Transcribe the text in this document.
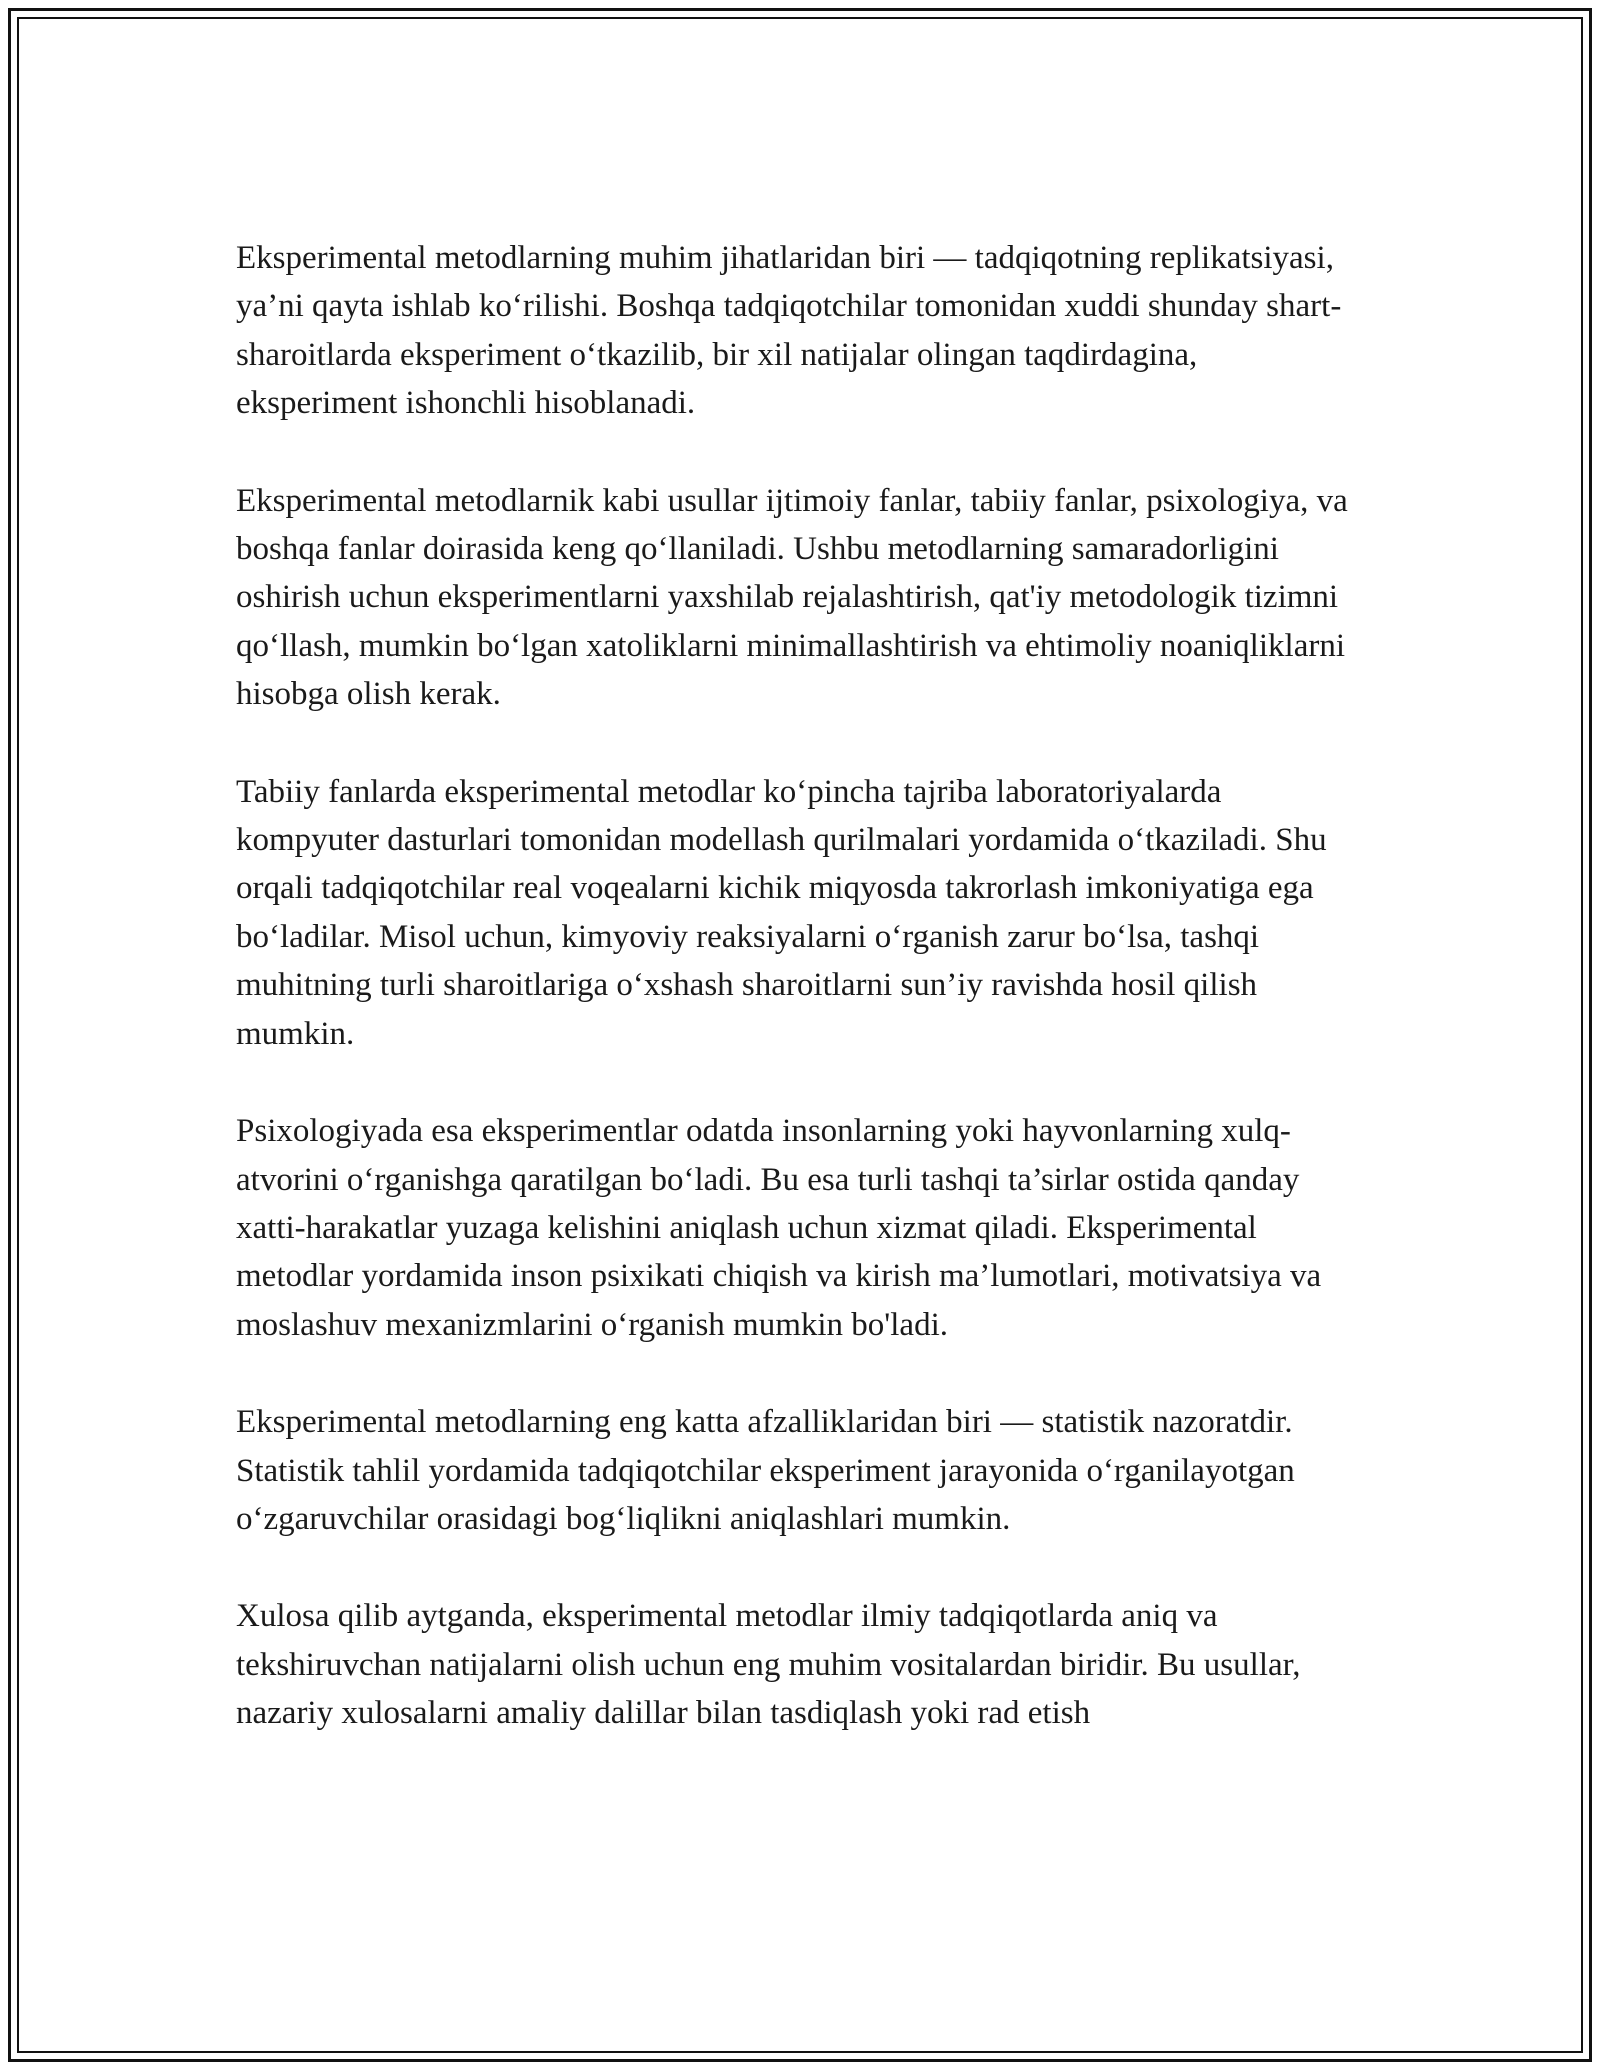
Eksperimental metodlarning muhim jihatlaridan biri — tadqiqotning replikatsiyasi, ya’ni qayta ishlab ko‘rilishi. Boshqa tadqiqotchilar tomonidan xuddi shunday shart-sharoitlarda eksperiment o‘tkazilib, bir xil natijalar olingan taqdirdagina, eksperiment ishonchli hisoblanadi.

Eksperimental metodlarnik kabi usullar ijtimoiy fanlar, tabiiy fanlar, psixologiya, va boshqa fanlar doirasida keng qo‘llaniladi. Ushbu metodlarning samaradorligini oshirish uchun eksperimentlarni yaxshilab rejalashtirish, qat'iy metodologik tizimni qo‘llash, mumkin bo‘lgan xatoliklarni minimallashtirish va ehtimoliy noaniqliklarni hisobga olish kerak.

Tabiiy fanlarda eksperimental metodlar ko‘pincha tajriba laboratoriyalarda kompyuter dasturlari tomonidan modellash qurilmalari yordamida o‘tkaziladi. Shu orqali tadqiqotchilar real voqealarni kichik miqyosda takrorlash imkoniyatiga ega bo‘ladilar. Misol uchun, kimyoviy reaksiyalarni o‘rganish zarur bo‘lsa, tashqi muhitning turli sharoitlariga o‘xshash sharoitlarni sun’iy ravishda hosil qilish mumkin.

Psixologiyada esa eksperimentlar odatda insonlarning yoki hayvonlarning xulq-atvorini o‘rganishga qaratilgan bo‘ladi. Bu esa turli tashqi ta’sirlar ostida qanday xatti-harakatlar yuzaga kelishini aniqlash uchun xizmat qiladi. Eksperimental metodlar yordamida inson psixikati chiqish va kirish ma’lumotlari, motivatsiya va moslashuv mexanizmlarini o‘rganish mumkin bo'ladi.

Eksperimental metodlarning eng katta afzalliklaridan biri — statistik nazoratdir. Statistik tahlil yordamida tadqiqotchilar eksperiment jarayonida o‘rganilayotgan o‘zgaruvchilar orasidagi bog‘liqlikni aniqlashlari mumkin.

Xulosa qilib aytganda, eksperimental metodlar ilmiy tadqiqotlarda aniq va tekshiruvchan natijalarni olish uchun eng muhim vositalardan biridir. Bu usullar, nazariy xulosalarni amaliy dalillar bilan tasdiqlash yoki rad etish
